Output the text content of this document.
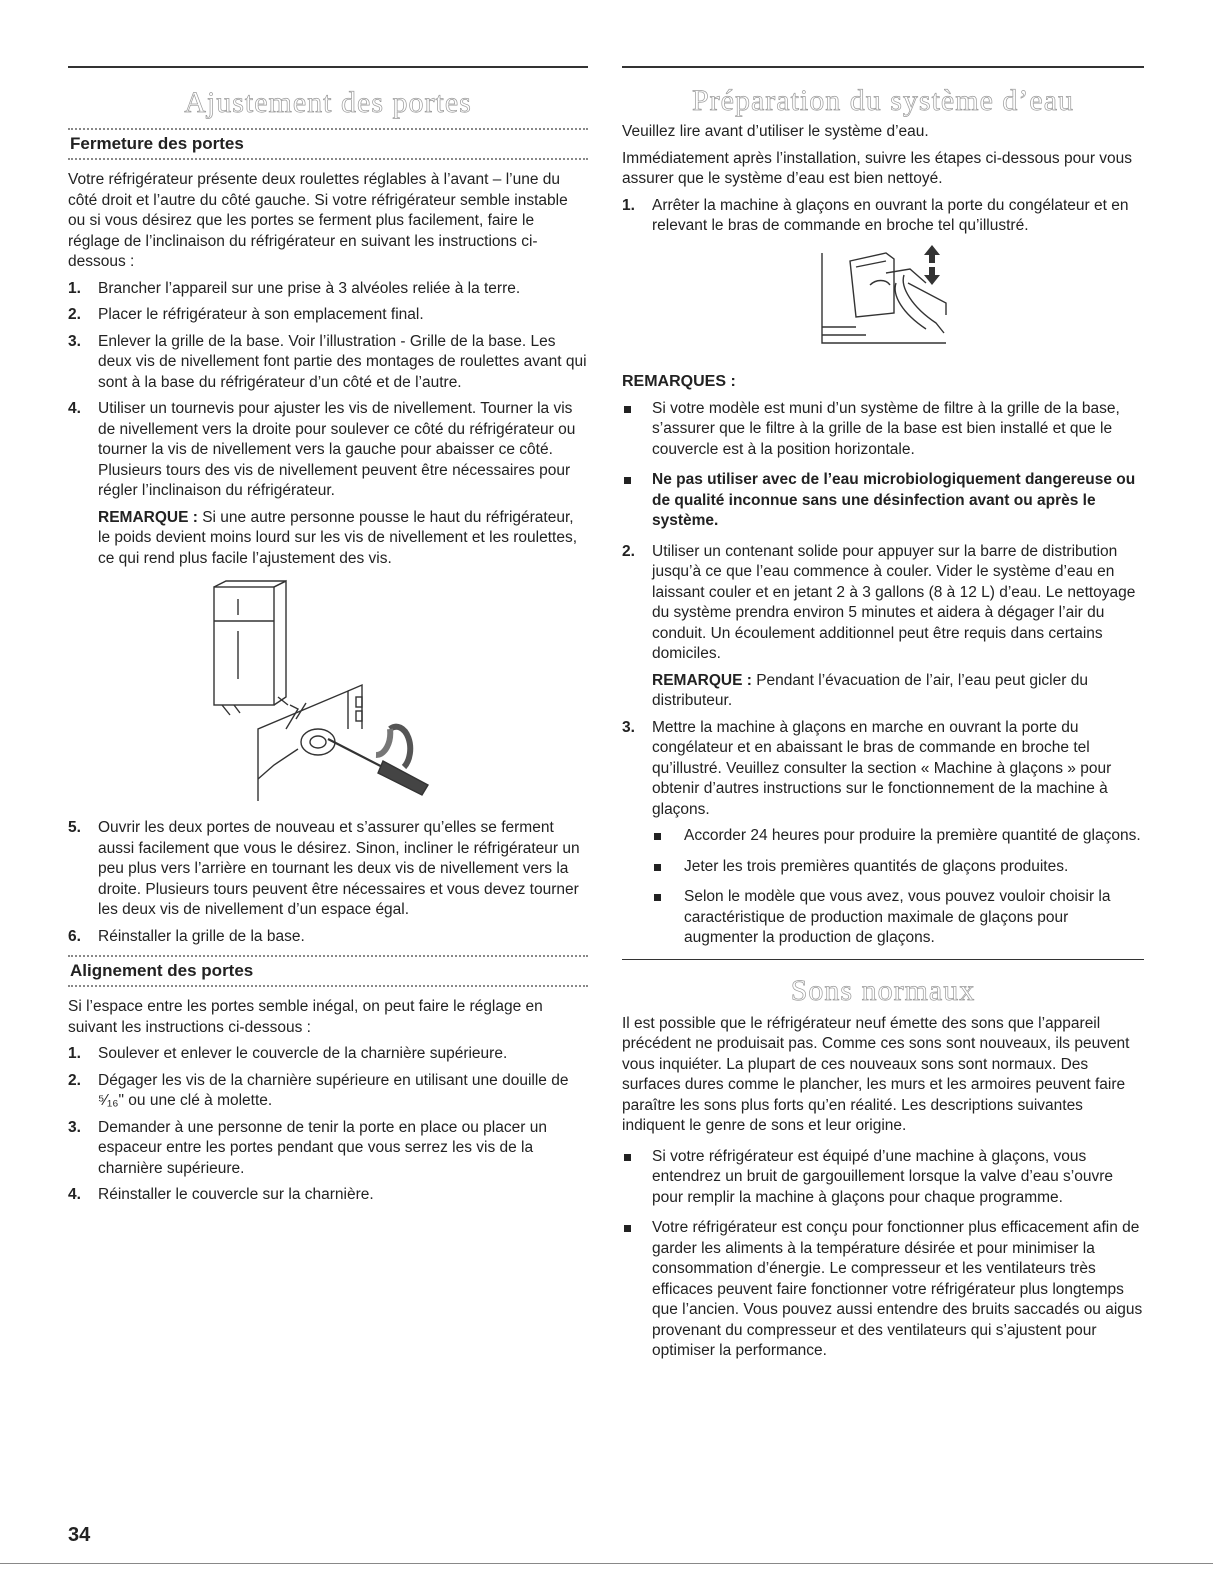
Ajustement des portes
Fermeture des portes

Votre réfrigérateur présente deux roulettes réglables à l’avant – l’une du côté droit et l’autre du côté gauche. Si votre réfrigérateur semble instable ou si vous désirez que les portes se ferment plus facilement, faire le réglage de l’inclinaison du réfrigérateur en suivant les instructions ci-dessous :

1. Brancher l’appareil sur une prise à 3 alvéoles reliée à la terre.
2. Placer le réfrigérateur à son emplacement final.
3. Enlever la grille de la base. Voir l’illustration - Grille de la base. Les deux vis de nivellement font partie des montages de roulettes avant qui sont à la base du réfrigérateur d’un côté et de l’autre.
4. Utiliser un tournevis pour ajuster les vis de nivellement. Tourner la vis de nivellement vers la droite pour soulever ce côté du réfrigérateur ou tourner la vis de nivellement vers la gauche pour abaisser ce côté. Plusieurs tours des vis de nivellement peuvent être nécessaires pour régler l’inclinaison du réfrigérateur.

REMARQUE : Si une autre personne pousse le haut du réfrigérateur, le poids devient moins lourd sur les vis de nivellement et les roulettes, ce qui rend plus facile l’ajustement des vis.

5. Ouvrir les deux portes de nouveau et s’assurer qu’elles se ferment aussi facilement que vous le désirez. Sinon, incliner le réfrigérateur un peu plus vers l’arrière en tournant les deux vis de nivellement vers la droite. Plusieurs tours peuvent être nécessaires et vous devez tourner les deux vis de nivellement d’un espace égal.
6. Réinstaller la grille de la base.
Alignement des portes

Si l’espace entre les portes semble inégal, on peut faire le réglage en suivant les instructions ci-dessous :

1. Soulever et enlever le couvercle de la charnière supérieure.
2. Dégager les vis de la charnière supérieure en utilisant une douille de ⁵⁄₁₆" ou une clé à molette.
3. Demander à une personne de tenir la porte en place ou placer un espaceur entre les portes pendant que vous serrez les vis de la charnière supérieure.
4. Réinstaller le couvercle sur la charnière.
Préparation du système d’eau

Veuillez lire avant d’utiliser le système d’eau.

Immédiatement après l’installation, suivre les étapes ci-dessous pour vous assurer que le système d’eau est bien nettoyé.

1. Arrêter la machine à glaçons en ouvrant la porte du congélateur et en relevant le bras de commande en broche tel qu’illustré.
REMARQUES :
Si votre modèle est muni d’un système de filtre à la grille de la base, s’assurer que le filtre à la grille de la base est bien installé et que le couvercle est à la position horizontale.
Ne pas utiliser avec de l’eau microbiologiquement dangereuse ou de qualité inconnue sans une désinfection avant ou après le système.
2. Utiliser un contenant solide pour appuyer sur la barre de distribution jusqu’à ce que l’eau commence à couler. Vider le système d’eau en laissant couler et en jetant 2 à 3 gallons (8 à 12 L) d’eau. Le nettoyage du système prendra environ 5 minutes et aidera à dégager l’air du conduit. Un écoulement additionnel peut être requis dans certains domiciles.

REMARQUE : Pendant l’évacuation de l’air, l’eau peut gicler du distributeur.

3. Mettre la machine à glaçons en marche en ouvrant la porte du congélateur et en abaissant le bras de commande en broche tel qu’illustré. Veuillez consulter la section « Machine à glaçons » pour obtenir d’autres instructions sur le fonctionnement de la machine à glaçons.
Accorder 24 heures pour produire la première quantité de glaçons.
Jeter les trois premières quantités de glaçons produites.
Selon le modèle que vous avez, vous pouvez vouloir choisir la caractéristique de production maximale de glaçons pour augmenter la production de glaçons.
Sons normaux

Il est possible que le réfrigérateur neuf émette des sons que l’appareil précédent ne produisait pas. Comme ces sons sont nouveaux, ils peuvent vous inquiéter. La plupart de ces nouveaux sons sont normaux. Des surfaces dures comme le plancher, les murs et les armoires peuvent faire paraître les sons plus forts qu’en réalité. Les descriptions suivantes indiquent le genre de sons et leur origine.

Si votre réfrigérateur est équipé d’une machine à glaçons, vous entendrez un bruit de gargouillement lorsque la valve d’eau s’ouvre pour remplir la machine à glaçons pour chaque programme.
Votre réfrigérateur est conçu pour fonctionner plus efficacement afin de garder les aliments à la température désirée et pour minimiser la consommation d’énergie. Le compresseur et les ventilateurs très efficaces peuvent faire fonctionner votre réfrigérateur plus longtemps que l’ancien. Vous pouvez aussi entendre des bruits saccadés ou aigus provenant du compresseur et des ventilateurs qui s’ajustent pour optimiser la performance.
34
